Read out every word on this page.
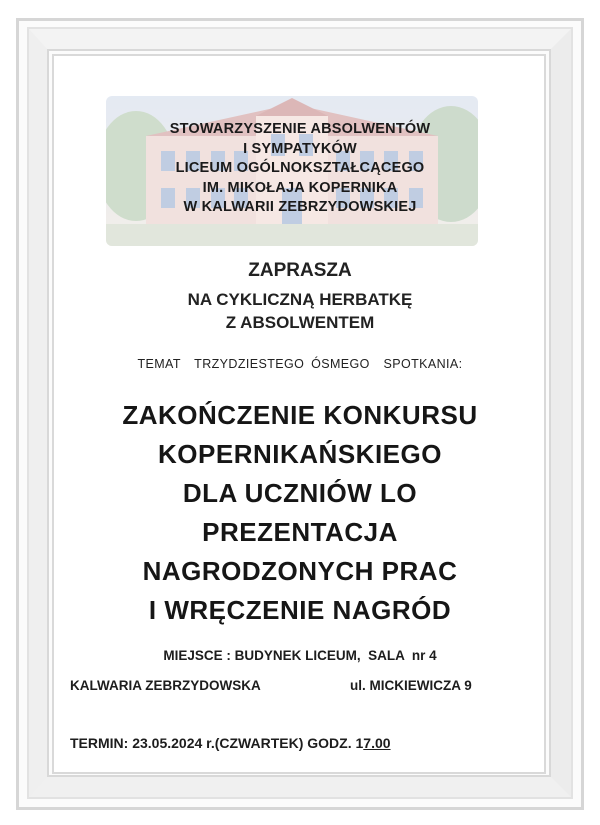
STOWARZYSZENIE ABSOLWENTÓW
I SYMPATYKÓW
LICEUM OGÓLNOKSZTAŁCĄCEGO
IM. MIKOŁAJA KOPERNIKA
W KALWARII ZEBRZYDOWSKIEJ
ZAPRASZA
NA CYKLICZNĄ HERBATKĘ
Z ABSOLWENTEM
TEMAT  TRZYDZIESTEGO ÓSMEGO  SPOTKANIA:
ZAKOŃCZENIE KONKURSU
KOPERNIKAŃSKIEGO
DLA UCZNIÓW LO
PREZENTACJA
NAGRODZONYCH PRAC
I WRĘCZENIE NAGRÓD
MIEJSCE : BUDYNEK LICEUM,  SALA  nr 4
KALWARIA ZEBRZYDOWSKA	ul. MICKIEWICZA 9
TERMIN: 23.05.2024 r.(CZWARTEK) GODZ. 17.00
